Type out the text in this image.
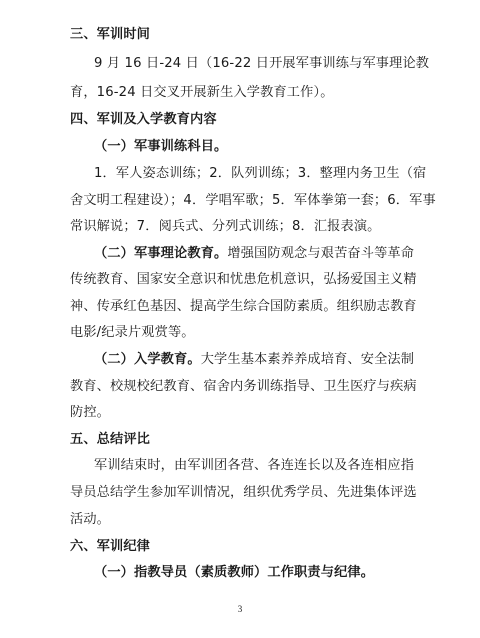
三、军训时间
9 月 16 日-24 日（16-22 日开展军事训练与军事理论教
育，16-24 日交叉开展新生入学教育工作）。
四、军训及入学教育内容
（一）军事训练科目。
1．军人姿态训练；2．队列训练；3．整理内务卫生（宿
舍文明工程建设）；4．学唱军歌；5．军体拳第一套；6．军事
常识解说；7．阅兵式、分列式训练；8．汇报表演。
（二）军事理论教育。增强国防观念与艰苦奋斗等革命
传统教育、国家安全意识和忧患危机意识，弘扬爱国主义精
神、传承红色基因、提高学生综合国防素质。组织励志教育
电影/纪录片观赏等。
（二）入学教育。大学生基本素养养成培育、安全法制
教育、校规校纪教育、宿舍内务训练指导、卫生医疗与疾病
防控。
五、总结评比
军训结束时，由军训团各营、各连连长以及各连相应指
导员总结学生参加军训情况，组织优秀学员、先进集体评选
活动。
六、军训纪律
（一）指教导员（素质教师）工作职责与纪律。
3
